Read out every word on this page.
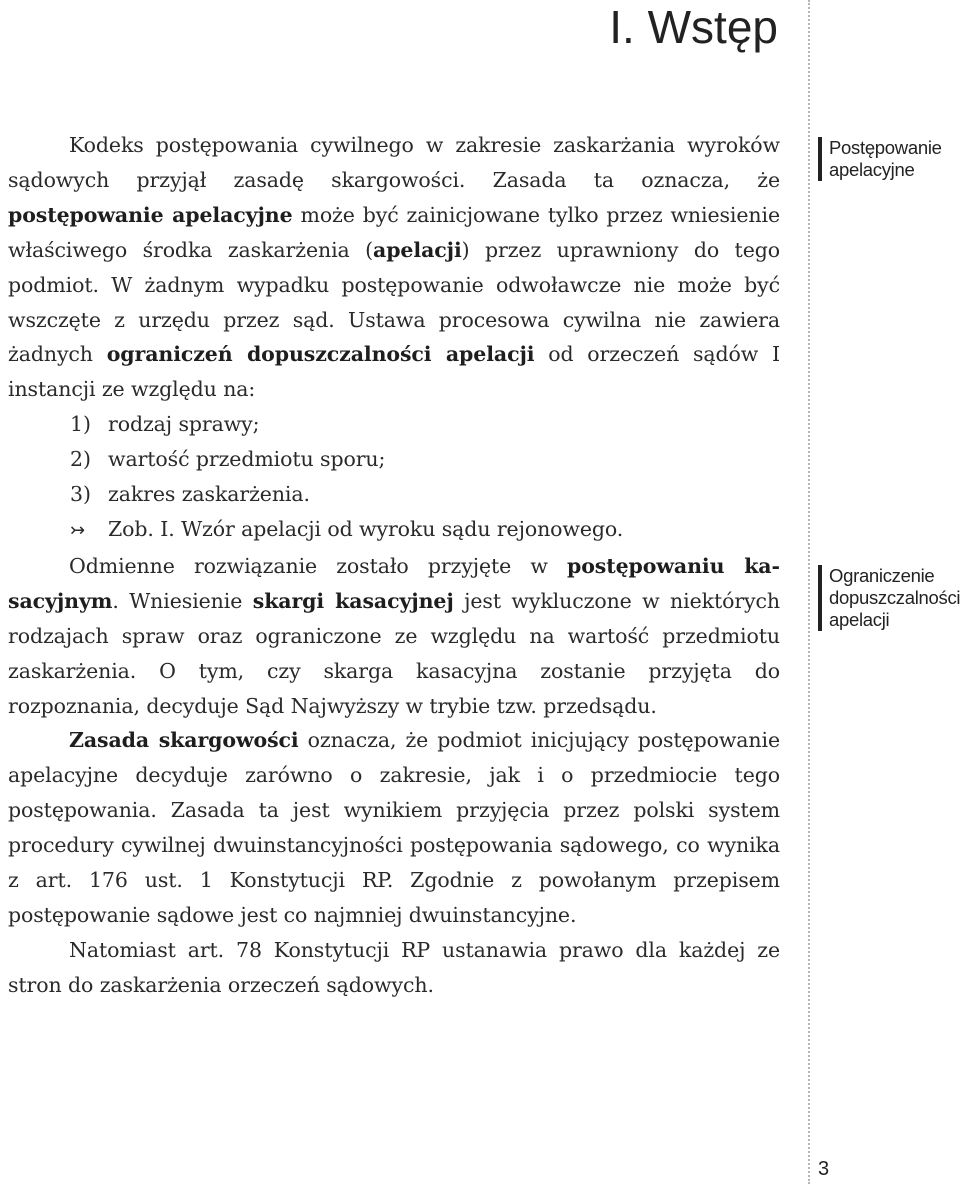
I. Wstęp

Kodeks postępowania cywilnego w zakresie zaskarżania wyroków sądowych przyjął zasadę skargowości. Zasada ta oznacza, że postępowanie apelacyjne może być zainicjowane tylko przez wniesienie właściwego środka zaskarżenia (apelacji) przez uprawniony do tego podmiot. W żadnym wypadku postępowanie odwoławcze nie może być wszczęte z urzędu przez sąd. Ustawa procesowa cywilna nie zawiera żadnych ograniczeń dopuszczalności apelacji od orzeczeń sądów I instancji ze względu na:

1) rodzaj sprawy;
2) wartość przedmiotu sporu;
3) zakres zaskarżenia.

↣ Zob. I. Wzór apelacji od wyroku sądu rejonowego.

Odmienne rozwiązanie zostało przyjęte w postępowaniu kasacyjnym. Wniesienie skargi kasacyjnej jest wykluczone w niektórych rodzajach spraw oraz ograniczone ze względu na wartość przedmiotu zaskarżenia. O tym, czy skarga kasacyjna zostanie przyjęta do rozpoznania, decyduje Sąd Najwyższy w trybie tzw. przedsądu.

Zasada skargowości oznacza, że podmiot inicjujący postępowanie apelacyjne decyduje zarówno o zakresie, jak i o przedmiocie tego postępowania. Zasada ta jest wynikiem przyjęcia przez polski system procedury cywilnej dwuinstancyjności postępowania sądowego, co wynika z art. 176 ust. 1 Konstytucji RP. Zgodnie z powołanym przepisem postępowanie sądowe jest co najmniej dwuinstancyjne.

Natomiast art. 78 Konstytucji RP ustanawia prawo dla każdej ze stron do zaskarżenia orzeczeń sądowych.

Postępowanie
apelacyjne
Ograniczenie
dopuszczalności
apelacji
3
